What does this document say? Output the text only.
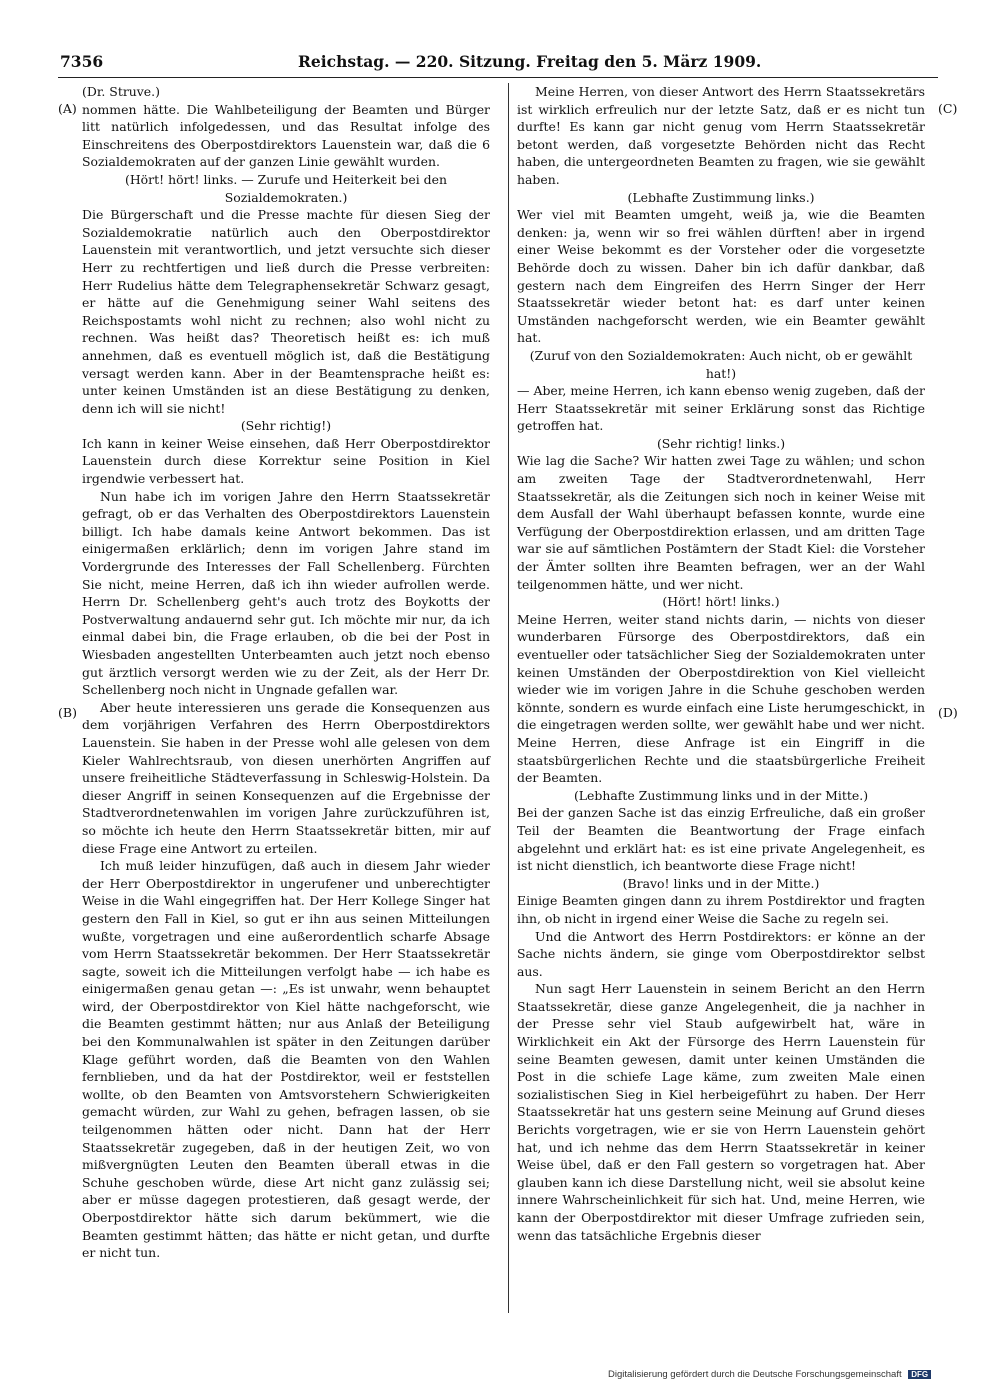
7356	Reichstag. — 220. Sitzung. Freitag den 5. März 1909.
(A)
(B)
(C)
(D)

(Dr. Struve.)

nommen hätte. Die Wahlbeteiligung der Beamten und Bürger litt natürlich infolgedessen, und das Resultat infolge des Einschreitens des Oberpostdirektors Lauenstein war, daß die 6 Sozialdemokraten auf der ganzen Linie gewählt wurden.

(Hört! hört! links. — Zurufe und Heiterkeit bei den Sozialdemokraten.)

Die Bürgerschaft und die Presse machte für diesen Sieg der Sozialdemokratie natürlich auch den Oberpostdirektor Lauenstein mit verantwortlich, und jetzt versuchte sich dieser Herr zu rechtfertigen und ließ durch die Presse verbreiten: Herr Rudelius hätte dem Telegraphensekretär Schwarz gesagt, er hätte auf die Genehmigung seiner Wahl seitens des Reichspostamts wohl nicht zu rechnen; also wohl nicht zu rechnen. Was heißt das? Theoretisch heißt es: ich muß annehmen, daß es eventuell möglich ist, daß die Bestätigung versagt werden kann. Aber in der Beamtensprache heißt es: unter keinen Umständen ist an diese Bestätigung zu denken, denn ich will sie nicht!

(Sehr richtig!)

Ich kann in keiner Weise einsehen, daß Herr Oberpostdirektor Lauenstein durch diese Korrektur seine Position in Kiel irgendwie verbessert hat.

Nun habe ich im vorigen Jahre den Herrn Staatssekretär gefragt, ob er das Verhalten des Oberpostdirektors Lauenstein billigt. Ich habe damals keine Antwort bekommen. Das ist einigermaßen erklärlich; denn im vorigen Jahre stand im Vordergrunde des Interesses der Fall Schellenberg. Fürchten Sie nicht, meine Herren, daß ich ihn wieder aufrollen werde. Herrn Dr. Schellenberg geht's auch trotz des Boykotts der Postverwaltung andauernd sehr gut. Ich möchte mir nur, da ich einmal dabei bin, die Frage erlauben, ob die bei der Post in Wiesbaden angestellten Unterbeamten auch jetzt noch ebenso gut ärztlich versorgt werden wie zu der Zeit, als der Herr Dr. Schellenberg noch nicht in Ungnade gefallen war.

Aber heute interessieren uns gerade die Konsequenzen aus dem vorjährigen Verfahren des Herrn Oberpostdirektors Lauenstein. Sie haben in der Presse wohl alle gelesen von dem Kieler Wahlrechtsraub, von diesen unerhörten Angriffen auf unsere freiheitliche Städteverfassung in Schleswig-Holstein. Da dieser Angriff in seinen Konsequenzen auf die Ergebnisse der Stadtverordnetenwahlen im vorigen Jahre zurückzuführen ist, so möchte ich heute den Herrn Staatssekretär bitten, mir auf diese Frage eine Antwort zu erteilen.

Ich muß leider hinzufügen, daß auch in diesem Jahr wieder der Herr Oberpostdirektor in ungerufener und unberechtigter Weise in die Wahl eingegriffen hat. Der Herr Kollege Singer hat gestern den Fall in Kiel, so gut er ihn aus seinen Mitteilungen wußte, vorgetragen und eine außerordentlich scharfe Absage vom Herrn Staatssekretär bekommen. Der Herr Staatssekretär sagte, soweit ich die Mitteilungen verfolgt habe — ich habe es einigermaßen genau getan —: „Es ist unwahr, wenn behauptet wird, der Oberpostdirektor von Kiel hätte nachgeforscht, wie die Beamten gestimmt hätten; nur aus Anlaß der Beteiligung bei den Kommunalwahlen ist später in den Zeitungen darüber Klage geführt worden, daß die Beamten von den Wahlen fernblieben, und da hat der Postdirektor, weil er feststellen wollte, ob den Beamten von Amtsvorstehern Schwierigkeiten gemacht würden, zur Wahl zu gehen, befragen lassen, ob sie teilgenommen hätten oder nicht. Dann hat der Herr Staatssekretär zugegeben, daß in der heutigen Zeit, wo von mißvergnügten Leuten den Beamten überall etwas in die Schuhe geschoben würde, diese Art nicht ganz zulässig sei; aber er müsse dagegen protestieren, daß gesagt werde, der Oberpostdirektor hätte sich darum bekümmert, wie die Beamten gestimmt hätten; das hätte er nicht getan, und durfte er nicht tun.

Meine Herren, von dieser Antwort des Herrn Staatssekretärs ist wirklich erfreulich nur der letzte Satz, daß er es nicht tun durfte! Es kann gar nicht genug vom Herrn Staatssekretär betont werden, daß vorgesetzte Behörden nicht das Recht haben, die untergeordneten Beamten zu fragen, wie sie gewählt haben.

(Lebhafte Zustimmung links.)

Wer viel mit Beamten umgeht, weiß ja, wie die Beamten denken: ja, wenn wir so frei wählen dürften! aber in irgend einer Weise bekommt es der Vorsteher oder die vorgesetzte Behörde doch zu wissen. Daher bin ich dafür dankbar, daß gestern nach dem Eingreifen des Herrn Singer der Herr Staatssekretär wieder betont hat: es darf unter keinen Umständen nachgeforscht werden, wie ein Beamter gewählt hat.

(Zuruf von den Sozialdemokraten: Auch nicht, ob er gewählt hat!)

— Aber, meine Herren, ich kann ebenso wenig zugeben, daß der Herr Staatssekretär mit seiner Erklärung sonst das Richtige getroffen hat.

(Sehr richtig! links.)

Wie lag die Sache? Wir hatten zwei Tage zu wählen; und schon am zweiten Tage der Stadtverordnetenwahl, Herr Staatssekretär, als die Zeitungen sich noch in keiner Weise mit dem Ausfall der Wahl überhaupt befassen konnte, wurde eine Verfügung der Oberpostdirektion erlassen, und am dritten Tage war sie auf sämtlichen Postämtern der Stadt Kiel: die Vorsteher der Ämter sollten ihre Beamten befragen, wer an der Wahl teilgenommen hätte, und wer nicht.

(Hört! hört! links.)

Meine Herren, weiter stand nichts darin, — nichts von dieser wunderbaren Fürsorge des Oberpostdirektors, daß ein eventueller oder tatsächlicher Sieg der Sozialdemokraten unter keinen Umständen der Oberpostdirektion von Kiel vielleicht wieder wie im vorigen Jahre in die Schuhe geschoben werden könnte, sondern es wurde einfach eine Liste herumgeschickt, in die eingetragen werden sollte, wer gewählt habe und wer nicht. Meine Herren, diese Anfrage ist ein Eingriff in die staatsbürgerlichen Rechte und die staatsbürgerliche Freiheit der Beamten.

(Lebhafte Zustimmung links und in der Mitte.)

Bei der ganzen Sache ist das einzig Erfreuliche, daß ein großer Teil der Beamten die Beantwortung der Frage einfach abgelehnt und erklärt hat: es ist eine private Angelegenheit, es ist nicht dienstlich, ich beantworte diese Frage nicht!

(Bravo! links und in der Mitte.)

Einige Beamten gingen dann zu ihrem Postdirektor und fragten ihn, ob nicht in irgend einer Weise die Sache zu regeln sei.

Und die Antwort des Herrn Postdirektors: er könne an der Sache nichts ändern, sie ginge vom Oberpostdirektor selbst aus.

Nun sagt Herr Lauenstein in seinem Bericht an den Herrn Staatssekretär, diese ganze Angelegenheit, die ja nachher in der Presse sehr viel Staub aufgewirbelt hat, wäre in Wirklichkeit ein Akt der Fürsorge des Herrn Lauenstein für seine Beamten gewesen, damit unter keinen Umständen die Post in die schiefe Lage käme, zum zweiten Male einen sozialistischen Sieg in Kiel herbeigeführt zu haben. Der Herr Staatssekretär hat uns gestern seine Meinung auf Grund dieses Berichts vorgetragen, wie er sie von Herrn Lauenstein gehört hat, und ich nehme das dem Herrn Staatssekretär in keiner Weise übel, daß er den Fall gestern so vorgetragen hat. Aber glauben kann ich diese Darstellung nicht, weil sie absolut keine innere Wahrscheinlichkeit für sich hat. Und, meine Herren, wie kann der Oberpostdirektor mit dieser Umfrage zufrieden sein, wenn das tatsächliche Ergebnis dieser

Digitalisierung gefördert durch die Deutsche Forschungsgemeinschaft DFG
